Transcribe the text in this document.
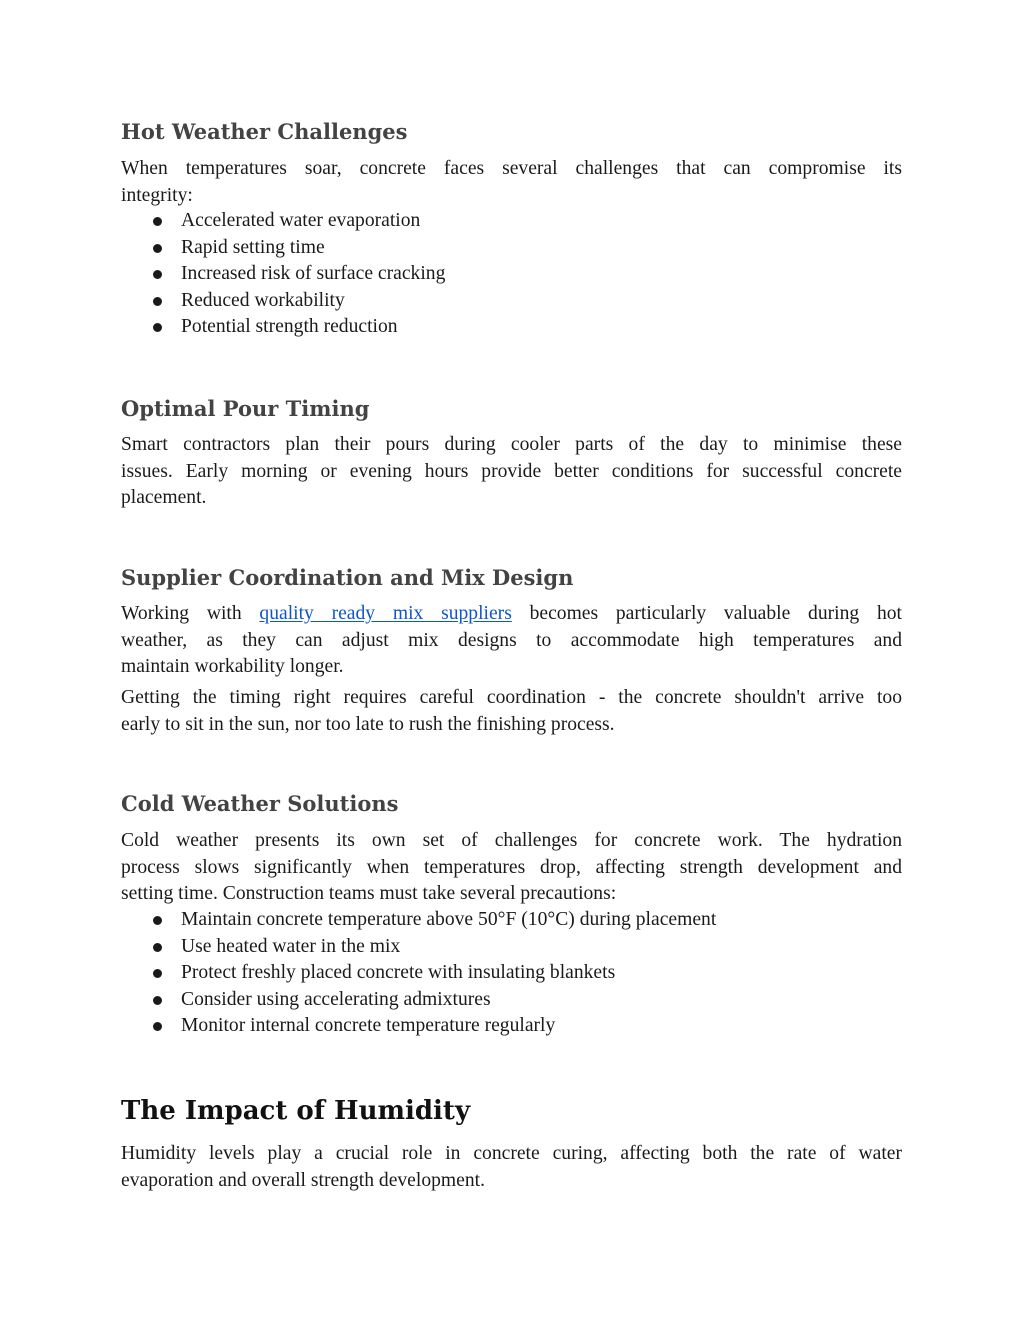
Hot Weather Challenges
When temperatures soar, concrete faces several challenges that can compromise its
integrity:
Accelerated water evaporation
Rapid setting time
Increased risk of surface cracking
Reduced workability
Potential strength reduction
Optimal Pour Timing
Smart contractors plan their pours during cooler parts of the day to minimise these
issues. Early morning or evening hours provide better conditions for successful concrete
placement.
Supplier Coordination and Mix Design
Working with quality ready mix suppliers becomes particularly valuable during hot
weather, as they can adjust mix designs to accommodate high temperatures and
maintain workability longer.
Getting the timing right requires careful coordination - the concrete shouldn't arrive too
early to sit in the sun, nor too late to rush the finishing process.
Cold Weather Solutions
Cold weather presents its own set of challenges for concrete work. The hydration
process slows significantly when temperatures drop, affecting strength development and
setting time. Construction teams must take several precautions:
Maintain concrete temperature above 50°F (10°C) during placement
Use heated water in the mix
Protect freshly placed concrete with insulating blankets
Consider using accelerating admixtures
Monitor internal concrete temperature regularly
The Impact of Humidity
Humidity levels play a crucial role in concrete curing, affecting both the rate of water
evaporation and overall strength development.
